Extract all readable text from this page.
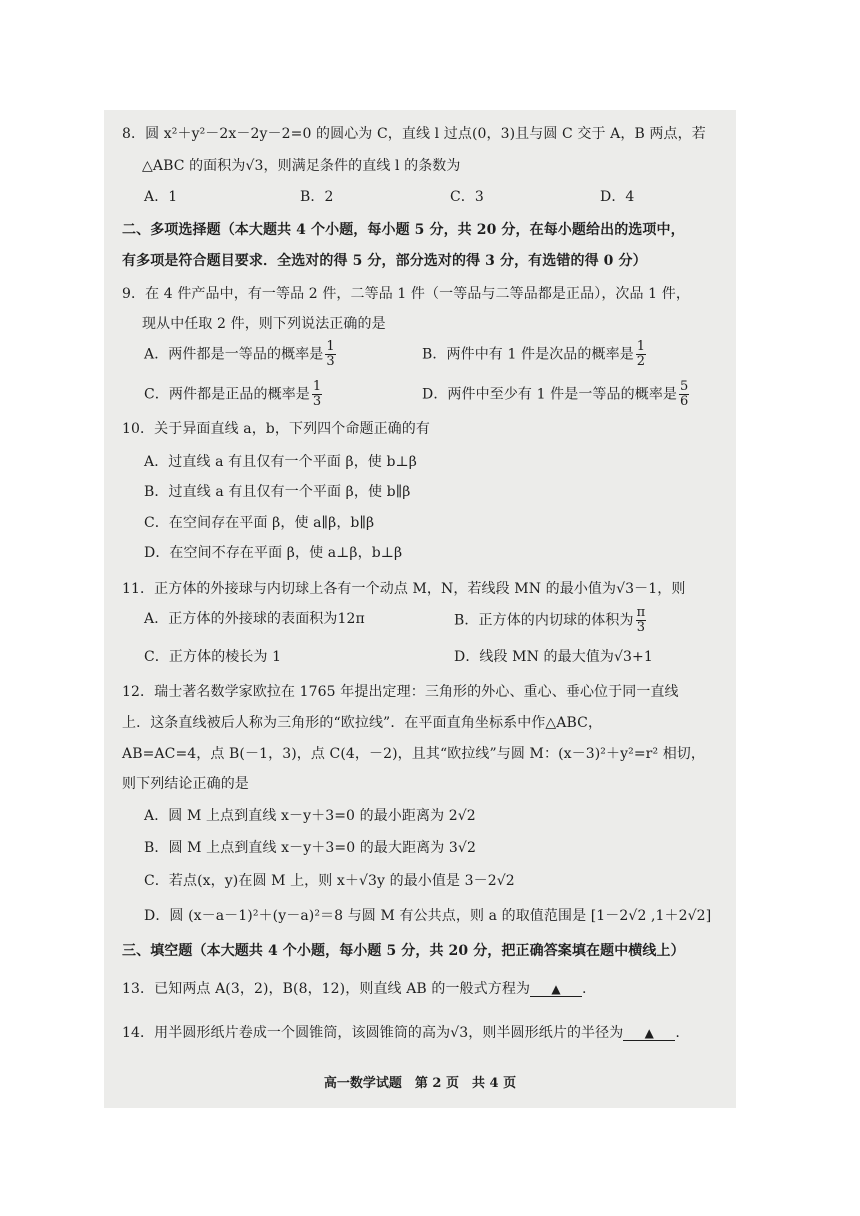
8．圆 x²＋y²－2x－2y－2=0 的圆心为 C，直线 l 过点(0，3)且与圆 C 交于 A，B 两点，若
△ABC 的面积为√3，则满足条件的直线 l 的条数为
A．1	B．2	C．3	D．4
二、多项选择题（本大题共 4 个小题，每小题 5 分，共 20 分，在每小题给出的选项中，
有多项是符合题目要求．全选对的得 5 分，部分选对的得 3 分，有选错的得 0 分）
9．在 4 件产品中，有一等品 2 件，二等品 1 件（一等品与二等品都是正品），次品 1 件，
现从中任取 2 件，则下列说法正确的是
A．两件都是一等品的概率是 $\frac{1}{3}$	B．两件中有 1 件是次品的概率是 $\frac{1}{2}$
C．两件都是正品的概率是 $\frac{1}{3}$	D．两件中至少有 1 件是一等品的概率是 $\frac{5}{6}$
10．关于异面直线 a，b，下列四个命题正确的有
A．过直线 a 有且仅有一个平面 β，使 b⊥β
B．过直线 a 有且仅有一个平面 β，使 b∥β
C．在空间存在平面 β，使 a∥β，b∥β
D．在空间不存在平面 β，使 a⊥β，b⊥β
11．正方体的外接球与内切球上各有一个动点 M，N，若线段 MN 的最小值为√3－1，则
A．正方体的外接球的表面积为12π	B．正方体的内切球的体积为 $\frac{\pi}{3}$
C．正方体的棱长为 1	D．线段 MN 的最大值为√3+1
12．瑞士著名数学家欧拉在 1765 年提出定理：三角形的外心、重心、垂心位于同一直线
上．这条直线被后人称为三角形的“欧拉线”．在平面直角坐标系中作△ABC，
AB=AC=4，点 B(－1，3)，点 C(4，－2)，且其“欧拉线”与圆 M：(x－3)²＋y²=r² 相切，
则下列结论正确的是
A．圆 M 上点到直线 x－y＋3=0 的最小距离为 2√2
B．圆 M 上点到直线 x－y＋3=0 的最大距离为 3√2
C．若点(x，y)在圆 M 上，则 x＋√3y 的最小值是 3－2√2
D．圆 (x－a－1)²＋(y－a)²＝8 与圆 M 有公共点，则 a 的取值范围是 [1－2√2 ,1＋2√2]
三、填空题（本大题共 4 个小题，每小题 5 分，共 20 分，把正确答案填在题中横线上）
13．已知两点 A(3，2)，B(8，12)，则直线 AB 的一般式方程为 ▲ .
14．用半圆形纸片卷成一个圆锥筒，该圆锥筒的高为√3，则半圆形纸片的半径为 ▲ .
高一数学试题　第 2 页　共 4 页
